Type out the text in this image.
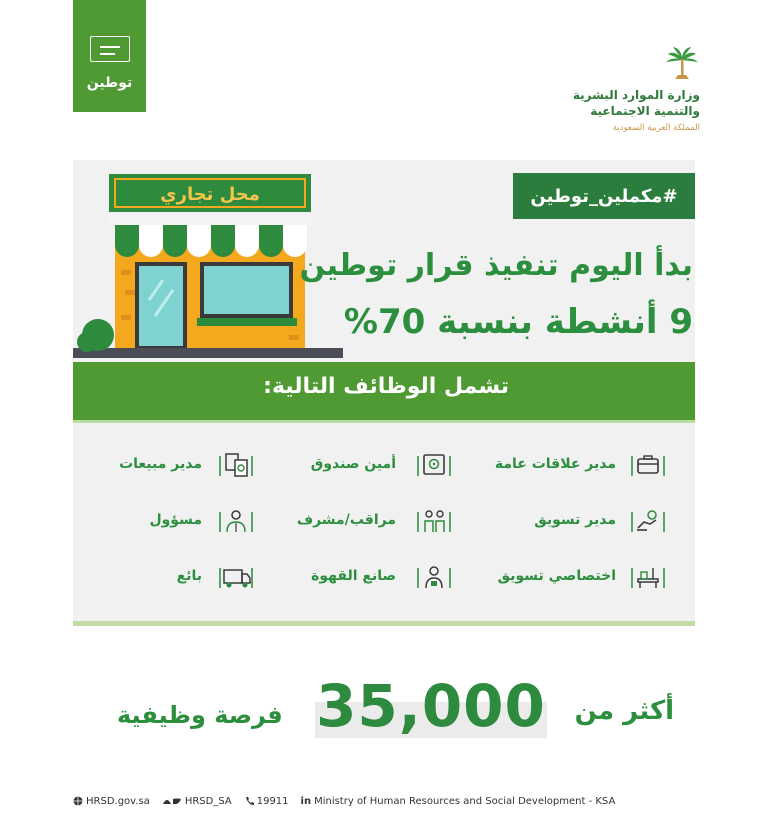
توطين
وزارة الموارد البشرية
والتنمية الاجتماعية
المملكة العربية السعودية
محل تجاري	#مكملين_توطين
بدأ اليوم تنفيذ قرار توطين
9 أنشطة بنسبة 70%
تشمل الوظائف التالية:
مدير علاقات عامة
مدير تسويق
اختصاصي تسويق
أمين صندوق
مراقب/مشرف
صانع القهوة
مدير مبيعات
مسؤول
بائع
أكثر من
35,000
فرصة وظيفية
HRSD.gov.sa	HRSD_SA	19911 in Ministry of Human Resources and Social Development - KSA
